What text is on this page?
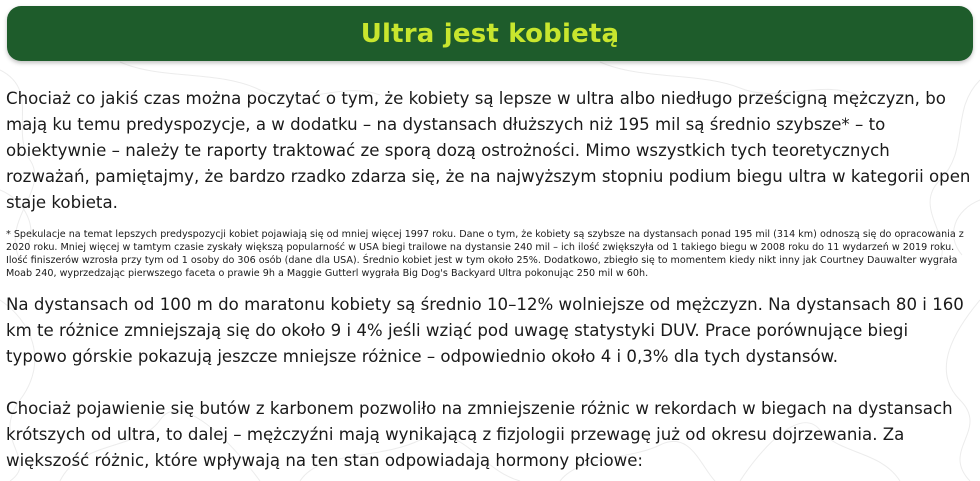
Ultra jest kobietą

Chociaż co jakiś czas można poczytać o tym, że kobiety są lepsze w ultra albo niedługo prześcigną mężczyzn, bo mają ku temu predyspozycje, a w dodatku – na dystansach dłuższych niż 195 mil są średnio szybsze* – to obiektywnie – należy te raporty traktować ze sporą dozą ostrożności. Mimo wszystkich tych teoretycznych rozważań, pamiętajmy, że bardzo rzadko zdarza się, że na najwyższym stopniu podium biegu ultra w kategorii open staje kobieta.

* Spekulacje na temat lepszych predyspozycji kobiet pojawiają się od mniej więcej 1997 roku. Dane o tym, że kobiety są szybsze na dystansach ponad 195 mil (314 km) odnoszą się do opracowania z 2020 roku. Mniej więcej w tamtym czasie zyskały większą popularność w USA biegi trailowe na dystansie 240 mil – ich ilość zwiększyła od 1 takiego biegu w 2008 roku do 11 wydarzeń w 2019 roku. Ilość finiszerów wzrosła przy tym od 1 osoby do 306 osób (dane dla USA). Średnio kobiet jest w tym około 25%. Dodatkowo, zbiegło się to momentem kiedy nikt inny jak Courtney Dauwalter wygrała Moab 240, wyprzedzając pierwszego faceta o prawie 9h a Maggie Gutterl wygrała Big Dog's Backyard Ultra pokonując 250 mil w 60h.

Na dystansach od 100 m do maratonu kobiety są średnio 10–12% wolniejsze od mężczyzn. Na dystansach 80 i 160 km te różnice zmniejszają się do około 9 i 4% jeśli wziąć pod uwagę statystyki DUV. Prace porównujące biegi typowo górskie pokazują jeszcze mniejsze różnice – odpowiednio około 4 i 0,3% dla tych dystansów.

Chociaż pojawienie się butów z karbonem pozwoliło na zmniejszenie różnic w rekordach w biegach na dystansach krótszych od ultra, to dalej – mężczyźni mają wynikającą z fizjologii przewagę już od okresu dojrzewania. Za większość różnic, które wpływają na ten stan odpowiadają hormony płciowe:
